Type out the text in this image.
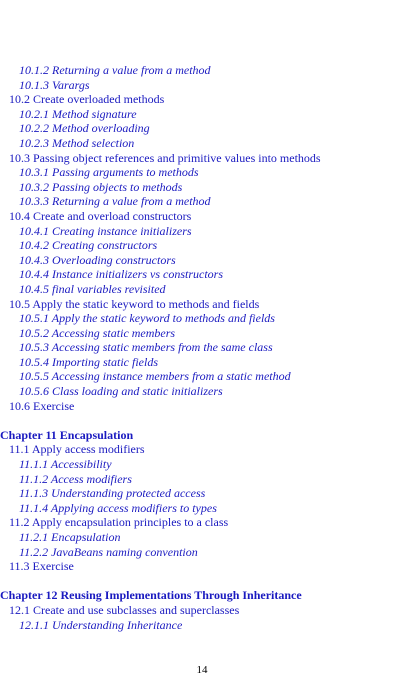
10.1.2 Returning a value from a method
10.1.3 Varargs
10.2 Create overloaded methods
10.2.1 Method signature
10.2.2 Method overloading
10.2.3 Method selection
10.3 Passing object references and primitive values into methods
10.3.1 Passing arguments to methods
10.3.2 Passing objects to methods
10.3.3 Returning a value from a method
10.4 Create and overload constructors
10.4.1 Creating instance initializers
10.4.2 Creating constructors
10.4.3 Overloading constructors
10.4.4 Instance initializers vs constructors
10.4.5 final variables revisited
10.5 Apply the static keyword to methods and fields
10.5.1 Apply the static keyword to methods and fields
10.5.2 Accessing static members
10.5.3 Accessing static members from the same class
10.5.4 Importing static fields
10.5.5 Accessing instance members from a static method
10.5.6 Class loading and static initializers
10.6 Exercise
Chapter 11 Encapsulation
11.1 Apply access modifiers
11.1.1 Accessibility
11.1.2 Access modifiers
11.1.3 Understanding protected access
11.1.4 Applying access modifiers to types
11.2 Apply encapsulation principles to a class
11.2.1 Encapsulation
11.2.2 JavaBeans naming convention
11.3 Exercise
Chapter 12 Reusing Implementations Through Inheritance
12.1 Create and use subclasses and superclasses
12.1.1 Understanding Inheritance
14
